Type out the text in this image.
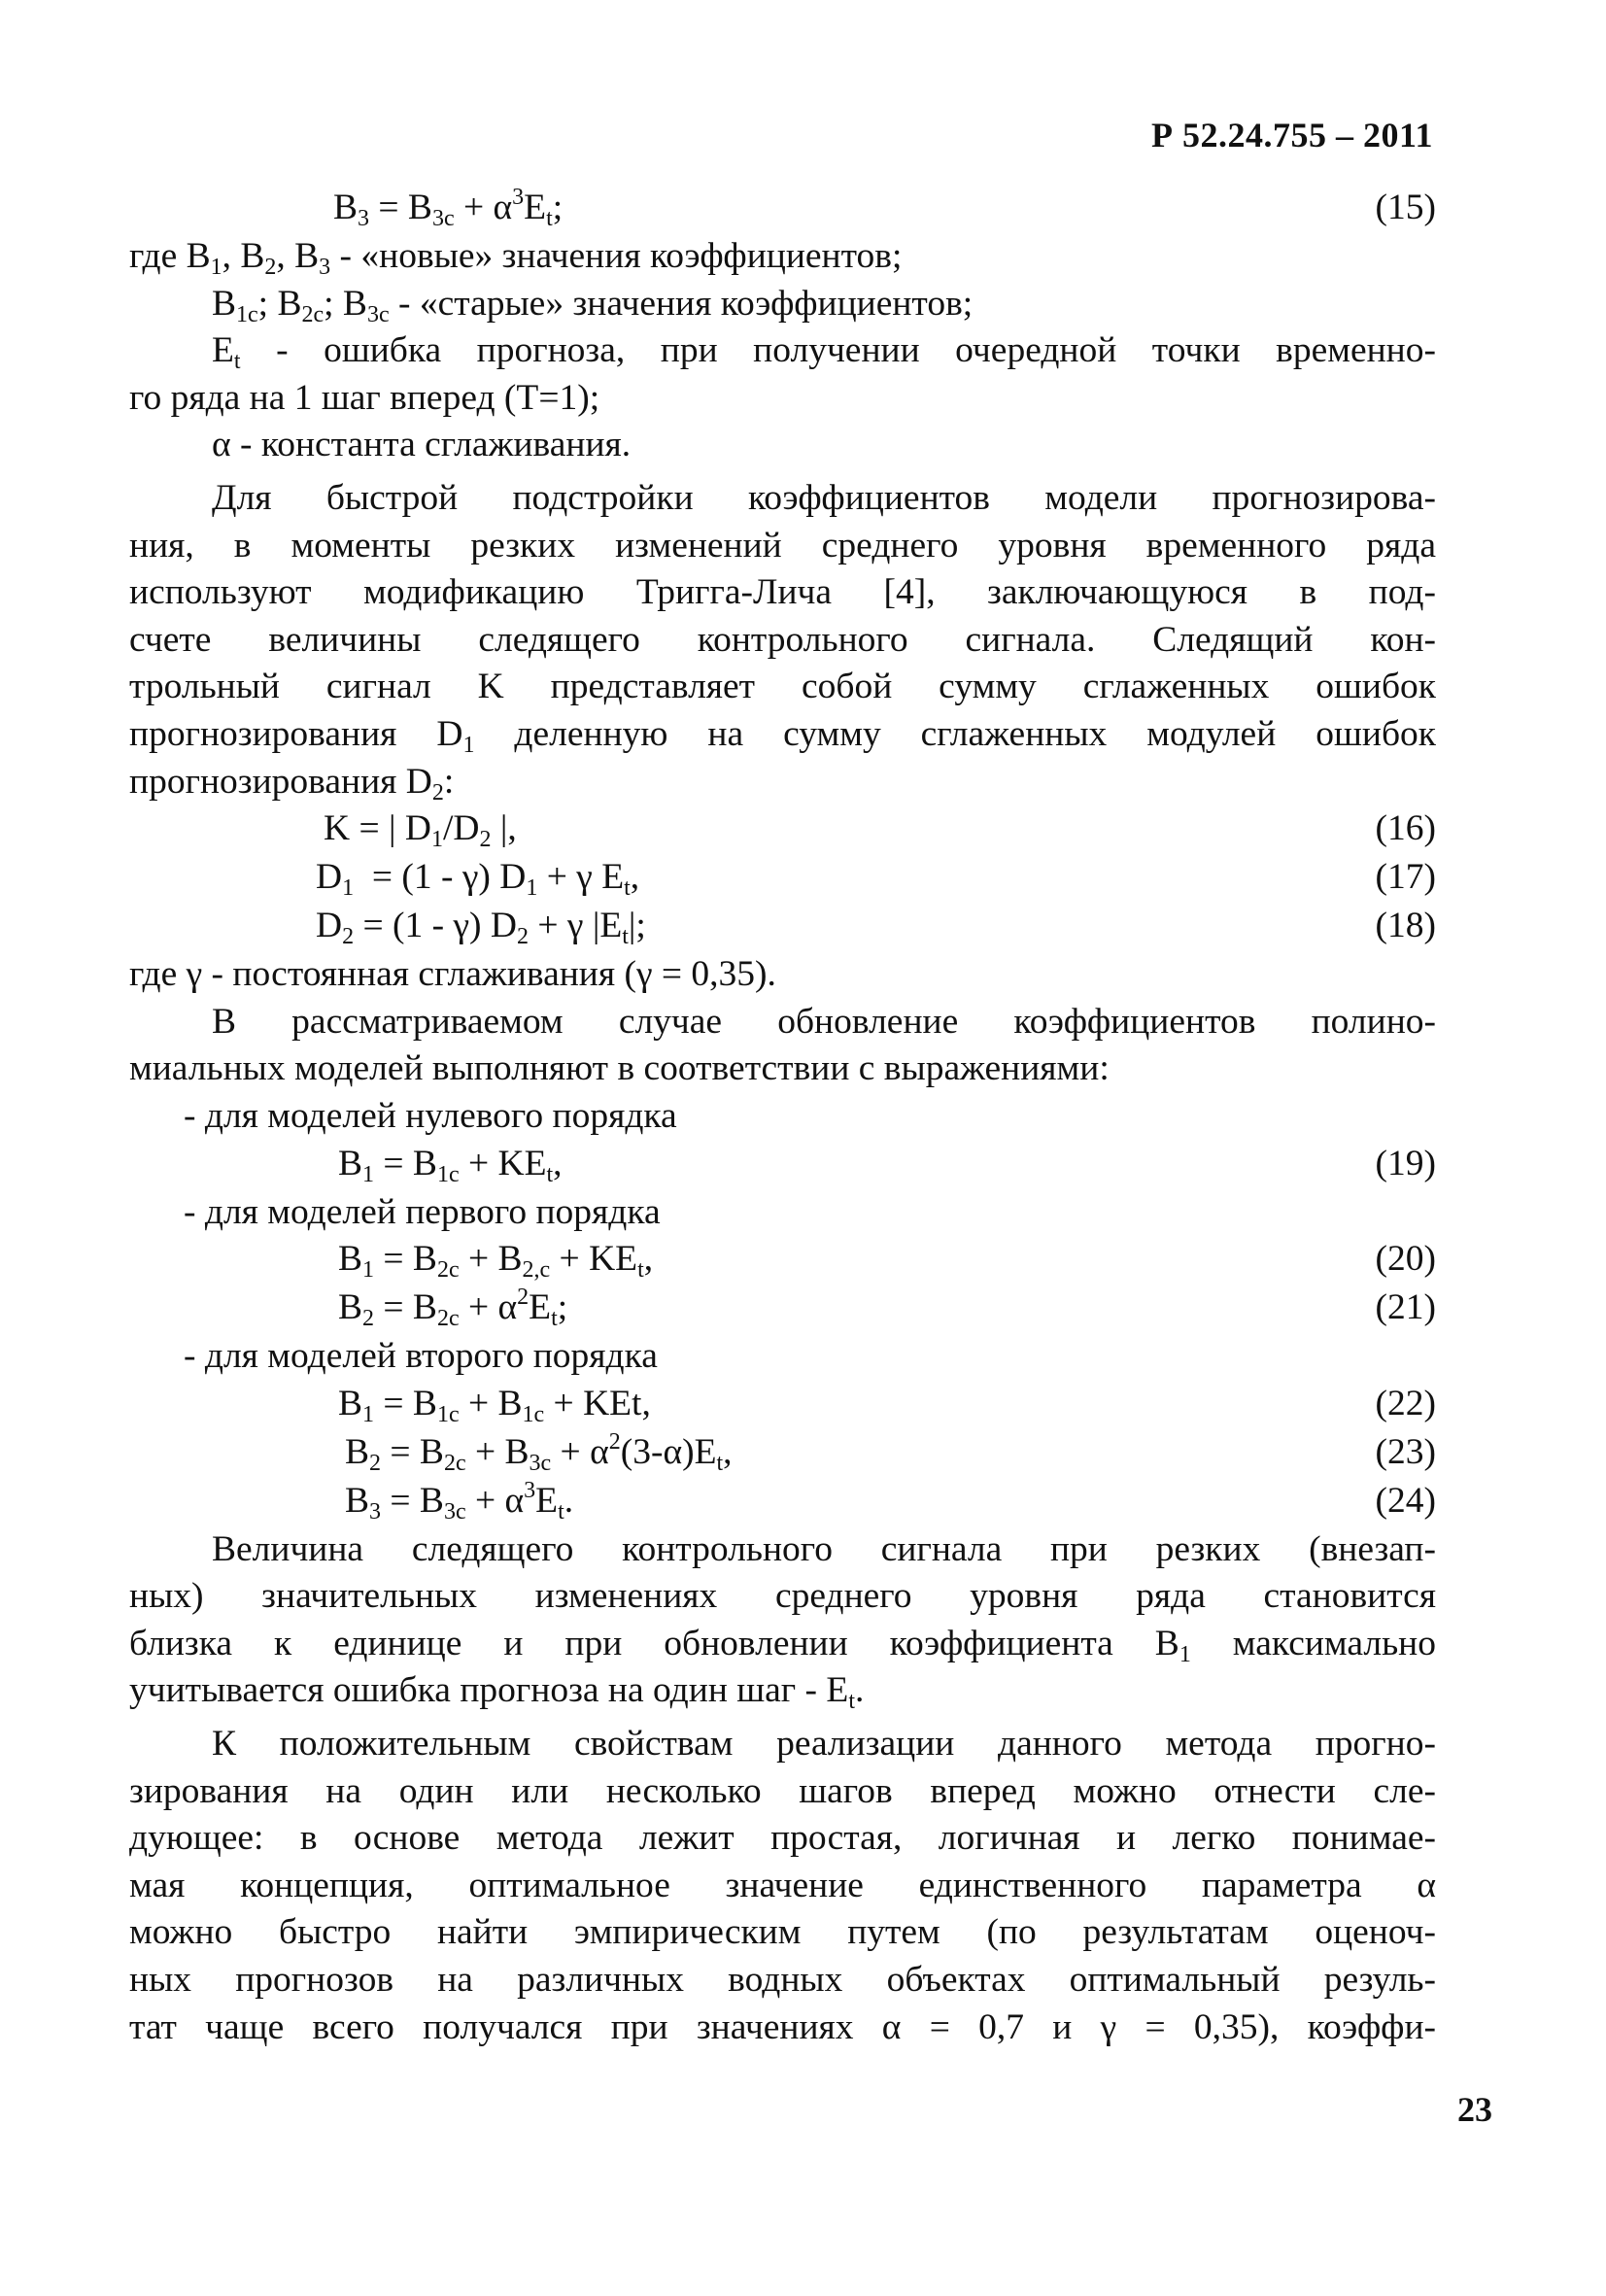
Р 52.24.755 – 2011
$B_3 = B_{3c} + \alpha^3E_t$;	(15)
где $B_1$, $B_2$, $B_3$ - «новые» значения коэффициентов;
$B_{1c}$; $B_{2c}$; $B_{3c}$ - «старые» значения коэффициентов;
$E_t$ - ошибка прогноза, при получении очередной точки временно-
го ряда на 1 шаг вперед (T=1);
α - константа сглаживания.
Для быстрой подстройки коэффициентов модели прогнозирова-
ния, в моменты резких изменений среднего уровня временного ряда
используют модификацию Тригга-Лича [4], заключающуюся в под-
счете величины следящего контрольного сигнала. Следящий кон-
трольный сигнал K представляет собой сумму сглаженных ошибок
прогнозирования $D_1$ деленную на сумму сглаженных модулей ошибок
прогнозирования $D_2$:
K = | $D_1/D_2$ |,	(16)
$D_1 = (1 - \gamma) D_1 + \gamma$ $E_t$,	(17)
$D_2 = (1 - \gamma) D_2 + \gamma$ $|E_t|$;	(18)
где γ - постоянная сглаживания (γ = 0,35).
В рассматриваемом случае обновление коэффициентов полино-
миальных моделей выполняют в соответствии с выражениями:
- для моделей нулевого порядка
$B_1 = B_{1c} + KE_t$,	(19)
- для моделей первого порядка
$B_1 = B_{2c} + B_{2,c} + KE_t$,	(20)
$B_2 = B_{2c} + \alpha^2E_t$;	(21)
- для моделей второго порядка
$B_1 = B_{1c} + B_{1c}$ + KEt,	(22)
$B_2 = B_{2c} + B_{3c} + \alpha^2(3-\alpha)E_t$,	(23)
$B_3 = B_{3c} + \alpha^3E_t$.	(24)
Величина следящего контрольного сигнала при резких (внезап-
ных) значительных изменениях среднего уровня ряда становится
близка к единице и при обновлении коэффициента $B_1$ максимально
учитывается ошибка прогноза на один шаг - $E_t$.
К положительным свойствам реализации данного метода прогно-
зирования на один или несколько шагов вперед можно отнести сле-
дующее: в основе метода лежит простая, логичная и легко понимае-
мая концепция, оптимальное значение единственного параметра α
можно быстро найти эмпирическим путем (по результатам оценоч-
ных прогнозов на различных водных объектах оптимальный резуль-
тат чаще всего получался при значениях α = 0,7 и γ = 0,35), коэффи-
23
